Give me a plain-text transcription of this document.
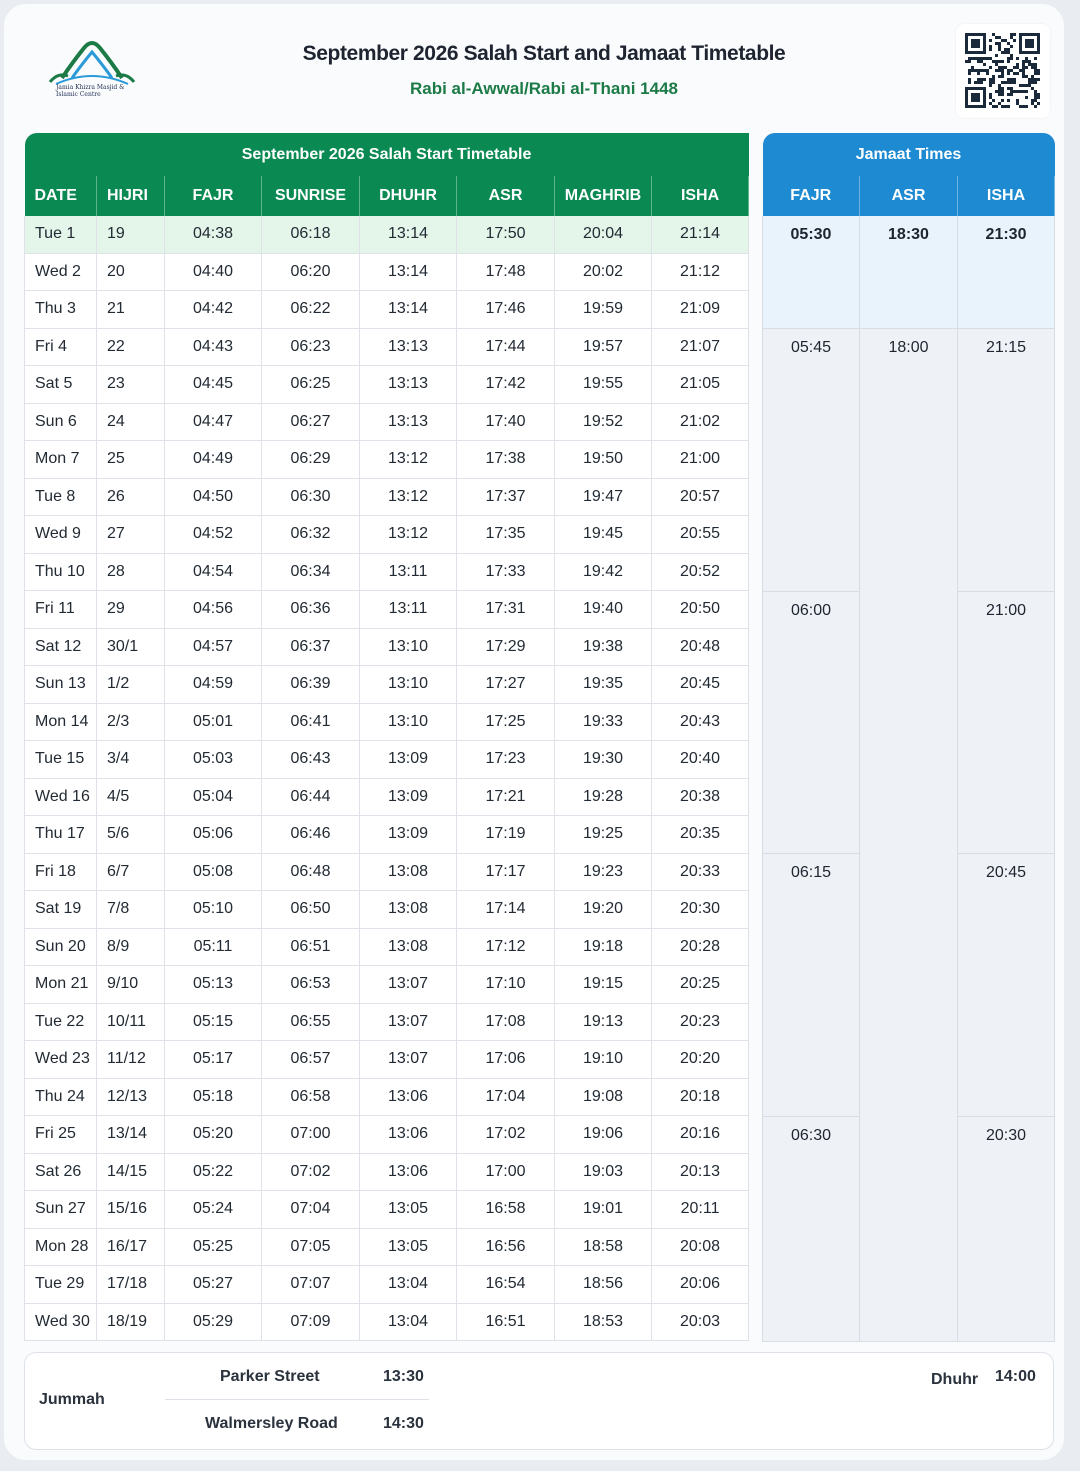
Jamia Khizra Masjid & Islamic Centre
September 2026 Salah Start and Jamaat Timetable
Rabi al-Awwal/Rabi al-Thani 1448
September 2026 Salah Start Timetable							
DATE	HIJRI	FAJR	SUNRISE	DHUHR	ASR	MAGHRIB	ISHA
Tue 1	19	04:38	06:18	13:14	17:50	20:04	21:14
Wed 2	20	04:40	06:20	13:14	17:48	20:02	21:12
Thu 3	21	04:42	06:22	13:14	17:46	19:59	21:09
Fri 4	22	04:43	06:23	13:13	17:44	19:57	21:07
Sat 5	23	04:45	06:25	13:13	17:42	19:55	21:05
Sun 6	24	04:47	06:27	13:13	17:40	19:52	21:02
Mon 7	25	04:49	06:29	13:12	17:38	19:50	21:00
Tue 8	26	04:50	06:30	13:12	17:37	19:47	20:57
Wed 9	27	04:52	06:32	13:12	17:35	19:45	20:55
Thu 10	28	04:54	06:34	13:11	17:33	19:42	20:52
Fri 11	29	04:56	06:36	13:11	17:31	19:40	20:50
Sat 12	30/1	04:57	06:37	13:10	17:29	19:38	20:48
Sun 13	1/2	04:59	06:39	13:10	17:27	19:35	20:45
Mon 14	2/3	05:01	06:41	13:10	17:25	19:33	20:43
Tue 15	3/4	05:03	06:43	13:09	17:23	19:30	20:40
Wed 16	4/5	05:04	06:44	13:09	17:21	19:28	20:38
Thu 17	5/6	05:06	06:46	13:09	17:19	19:25	20:35
Fri 18	6/7	05:08	06:48	13:08	17:17	19:23	20:33
Sat 19	7/8	05:10	06:50	13:08	17:14	19:20	20:30
Sun 20	8/9	05:11	06:51	13:08	17:12	19:18	20:28
Mon 21	9/10	05:13	06:53	13:07	17:10	19:15	20:25
Tue 22	10/11	05:15	06:55	13:07	17:08	19:13	20:23
Wed 23	11/12	05:17	06:57	13:07	17:06	19:10	20:20
Thu 24	12/13	05:18	06:58	13:06	17:04	19:08	20:18
Fri 25	13/14	05:20	07:00	13:06	17:02	19:06	20:16
Sat 26	14/15	05:22	07:02	13:06	17:00	19:03	20:13
Sun 27	15/16	05:24	07:04	13:05	16:58	19:01	20:11
Mon 28	16/17	05:25	07:05	13:05	16:56	18:58	20:08
Tue 29	17/18	05:27	07:07	13:04	16:54	18:56	20:06
Wed 30	18/19	05:29	07:09	13:04	16:51	18:53	20:03
Jamaat Times		
FAJR	ASR	ISHA
05:30	18:30	21:30

05:45	18:00	21:15

06:00		21:00

06:15		20:45

06:30		20:30

Jummah
Parker Street	13:30
Walmersley Road	14:30
Dhuhr 14:00
